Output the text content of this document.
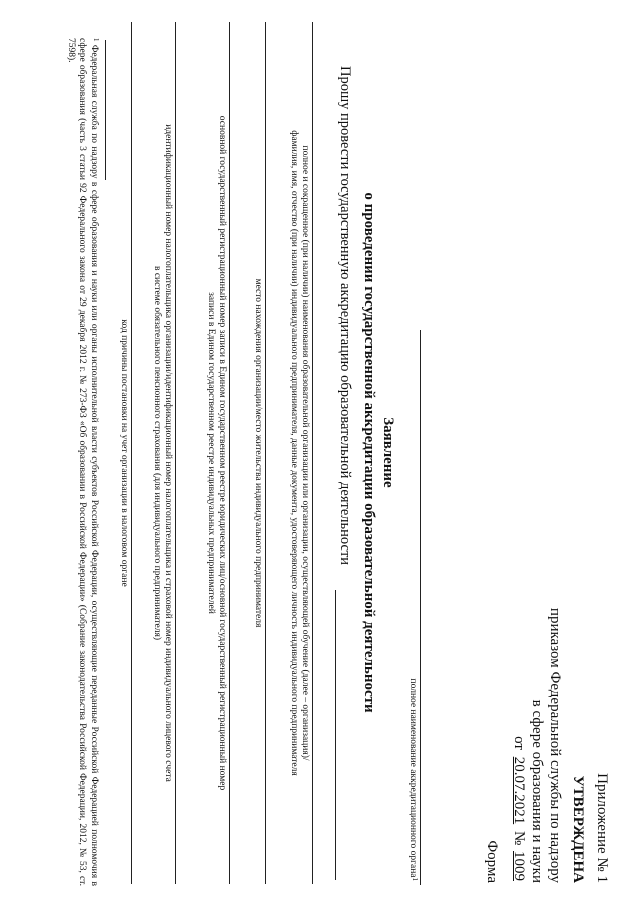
Приложение № 1
УТВЕРЖДЕНА
приказом Федеральной службы по надзору
в сфере образования и науки
от 20.07.2021 № 1009
Форма
полное наименование аккредитационного органа$^1$
Заявление
о проведении государственной аккредитации образовательной деятельности
Прошу провести государственную аккредитацию образовательной деятельности
полное и сокращенное (при наличии) наименования образовательной организации или организации, осуществляющей обучение (далее – организация)/
фамилия, имя, отчество (при наличии) индивидуального предпринимателя, данные документа, удостоверяющего личность индивидуального предпринимателя
место нахождения организации/место жительства индивидуального предпринимателя
основной государственный регистрационный номер записи в Едином государственном реестре юридических лиц/основной государственный регистрационный номер
записи в Едином государственном реестре индивидуальных предпринимателей
идентификационный номер налогоплательщика организации/идентификационный номер налогоплательщика и страховой номер индивидуального лицевого счета
в системе обязательного пенсионного страхования (для индивидуального предпринимателя)
код причины постановки на учет организации в налоговом органе
$^1$ Федеральная служба по надзору в сфере образования и науки или органы исполнительной власти субъектов Российской Федерации, осуществляющие переданные Российской Федерацией полномочия в сфере образования (часть 3 статьи 92 Федерального закона от 29 декабря 2012 г. № 273-ФЗ «Об образовании в Российской Федерации» (Собрание законодательства Российской Федерации, 2012, № 53, ст. 7598).
